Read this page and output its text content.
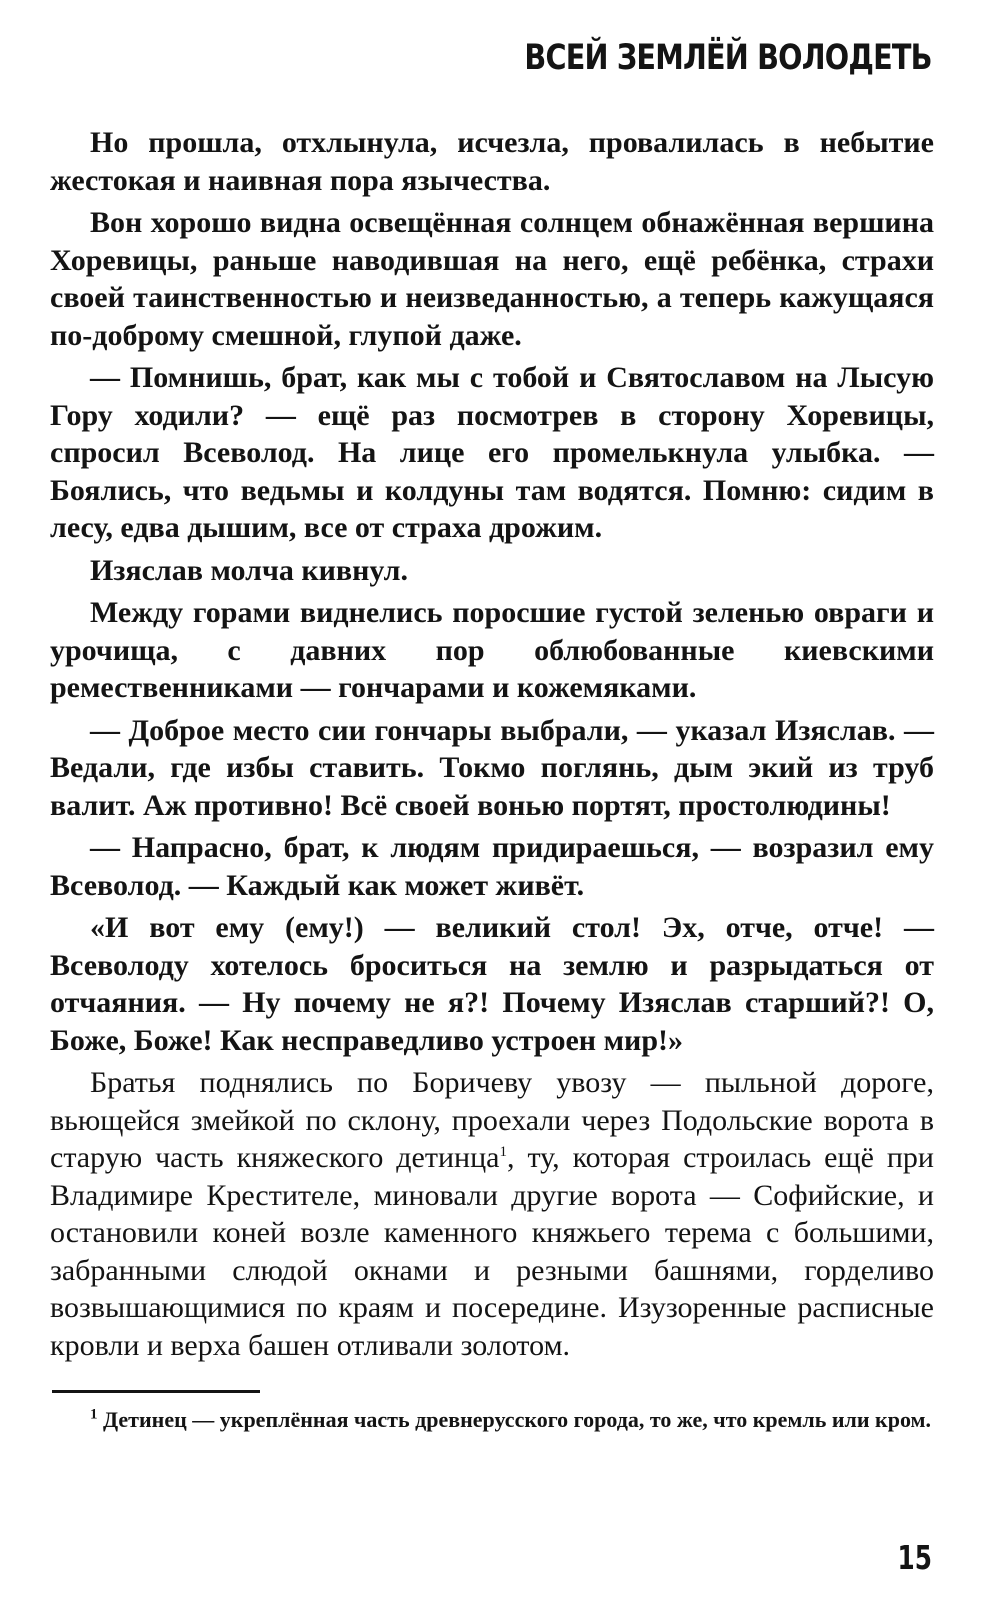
ВСЕЙ ЗЕМЛЁЙ ВОЛОДЕТЬ

Но прошла, отхлынула, исчезла, провалилась в небытие жестокая и наивная пора язычества.

Вон хорошо видна освещённая солнцем обнажённая вершина Хоревицы, раньше наводившая на него, ещё ребёнка, страхи своей таинственностью и неизведанностью, а теперь кажущаяся по-доброму смешной, глупой даже.

— Помнишь, брат, как мы с тобой и Святославом на Лысую Гору ходили? — ещё раз посмотрев в сторону Хоревицы, спросил Всеволод. На лице его промелькнула улыбка. — Боялись, что ведьмы и колдуны там водятся. Помню: сидим в лесу, едва дышим, все от страха дрожим.

Изяслав молча кивнул.

Между горами виднелись поросшие густой зеленью овраги и урочища, с давних пор облюбованные киевскими ремественниками — гончарами и кожемяками.

— Доброе место сии гончары выбрали, — указал Изяслав. — Ведали, где избы ставить. Токмо поглянь, дым экий из труб валит. Аж противно! Всё своей вонью портят, простолюдины!

— Напрасно, брат, к людям придираешься, — возразил ему Всеволод. — Каждый как может живёт.

«И вот ему (ему!) — великий стол! Эх, отче, отче! — Всеволоду хотелось броситься на землю и разрыдаться от отчаяния. — Ну почему не я?! Почему Изяслав старший?! О, Боже, Боже! Как несправедливо устроен мир!»

Братья поднялись по Боричеву увозу — пыльной дороге, вьющейся змейкой по склону, проехали через Подольские ворота в старую часть княжеского детинца$^1$, ту, которая строилась ещё при Владимире Крестителе, миновали другие ворота — Софийские, и остановили коней возле каменного княжьего терема с большими, забранными слюдой окнами и резными башнями, горделиво возвышающимися по краям и посередине. Изузоренные расписные кровли и верха башен отливали золотом.

$^1$ Детинец — укреплённая часть древнерусского города, то же, что кремль или кром.

15
